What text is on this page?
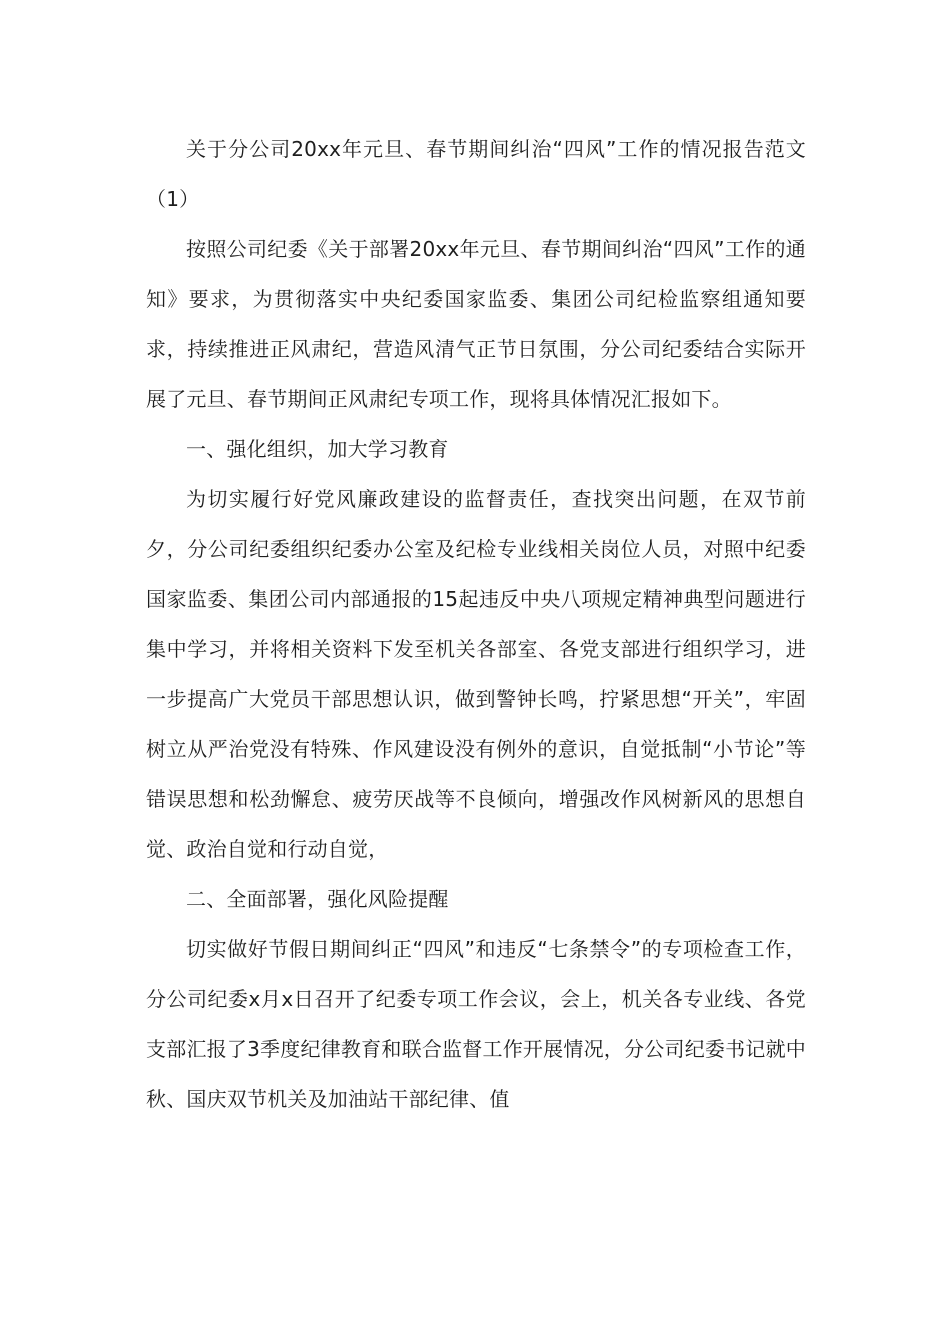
关于分公司20xx年元旦、春节期间纠治“四风”工作的情况报告范文（1）

按照公司纪委《关于部署20xx年元旦、春节期间纠治“四风”工作的通知》要求，为贯彻落实中央纪委国家监委、集团公司纪检监察组通知要求，持续推进正风肃纪，营造风清气正节日氛围，分公司纪委结合实际开展了元旦、春节期间正风肃纪专项工作，现将具体情况汇报如下。

一、强化组织，加大学习教育

为切实履行好党风廉政建设的监督责任，查找突出问题，在双节前夕，分公司纪委组织纪委办公室及纪检专业线相关岗位人员，对照中纪委国家监委、集团公司内部通报的15起违反中央八项规定精神典型问题进行集中学习，并将相关资料下发至机关各部室、各党支部进行组织学习，进一步提高广大党员干部思想认识，做到警钟长鸣，拧紧思想“开关”，牢固树立从严治党没有特殊、作风建设没有例外的意识，自觉抵制“小节论”等错误思想和松劲懈怠、疲劳厌战等不良倾向，增强改作风树新风的思想自觉、政治自觉和行动自觉，

二、全面部署，强化风险提醒

切实做好节假日期间纠正“四风”和违反“七条禁令”的专项检查工作，分公司纪委x月x日召开了纪委专项工作会议，会上，机关各专业线、各党支部汇报了3季度纪律教育和联合监督工作开展情况，分公司纪委书记就中秋、国庆双节机关及加油站干部纪律、值
